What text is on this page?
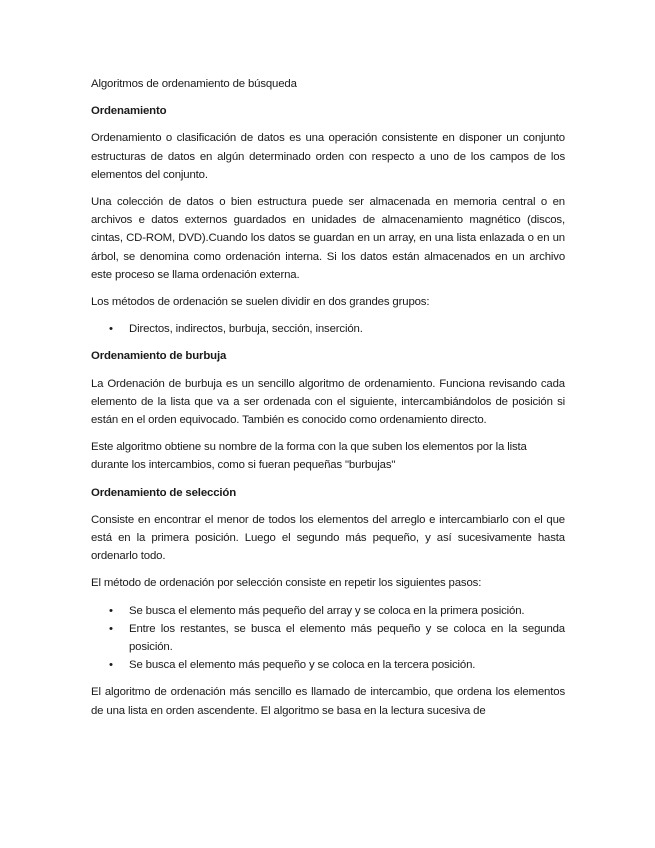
Algoritmos de ordenamiento de búsqueda

Ordenamiento

Ordenamiento o clasificación de datos es una operación consistente en disponer un conjunto estructuras de datos en algún determinado orden con respecto a uno de los campos de los elementos del conjunto.

Una colección de datos o bien estructura puede ser almacenada en memoria central o en archivos e datos externos guardados en unidades de almacenamiento magnético (discos, cintas, CD-ROM, DVD).Cuando los datos se guardan en un array, en una lista enlazada o en un árbol, se denomina como ordenación interna. Si los datos están almacenados en un archivo este proceso se llama ordenación externa.

Los métodos de ordenación se suelen dividir en dos grandes grupos:

• Directos, indirectos, burbuja, sección, inserción.

Ordenamiento de burbuja

La Ordenación de burbuja es un sencillo algoritmo de ordenamiento. Funciona revisando cada elemento de la lista que va a ser ordenada con el siguiente, intercambiándolos de posición si están en el orden equivocado. También es conocido como ordenamiento directo.

Este algoritmo obtiene su nombre de la forma con la que suben los elementos por la lista durante los intercambios, como si fueran pequeñas "burbujas"

Ordenamiento de selección

Consiste en encontrar el menor de todos los elementos del arreglo e intercambiarlo con el que está en la primera posición. Luego el segundo más pequeño, y así sucesivamente hasta ordenarlo todo.

El método de ordenación por selección consiste en repetir los siguientes pasos:

• Se busca el elemento más pequeño del array y se coloca en la primera posición.
• Entre los restantes, se busca el elemento más pequeño y se coloca en la segunda posición.
• Se busca el elemento más pequeño y se coloca en la tercera posición.

El algoritmo de ordenación más sencillo es llamado de intercambio, que ordena los elementos de una lista en orden ascendente. El algoritmo se basa en la lectura sucesiva de
